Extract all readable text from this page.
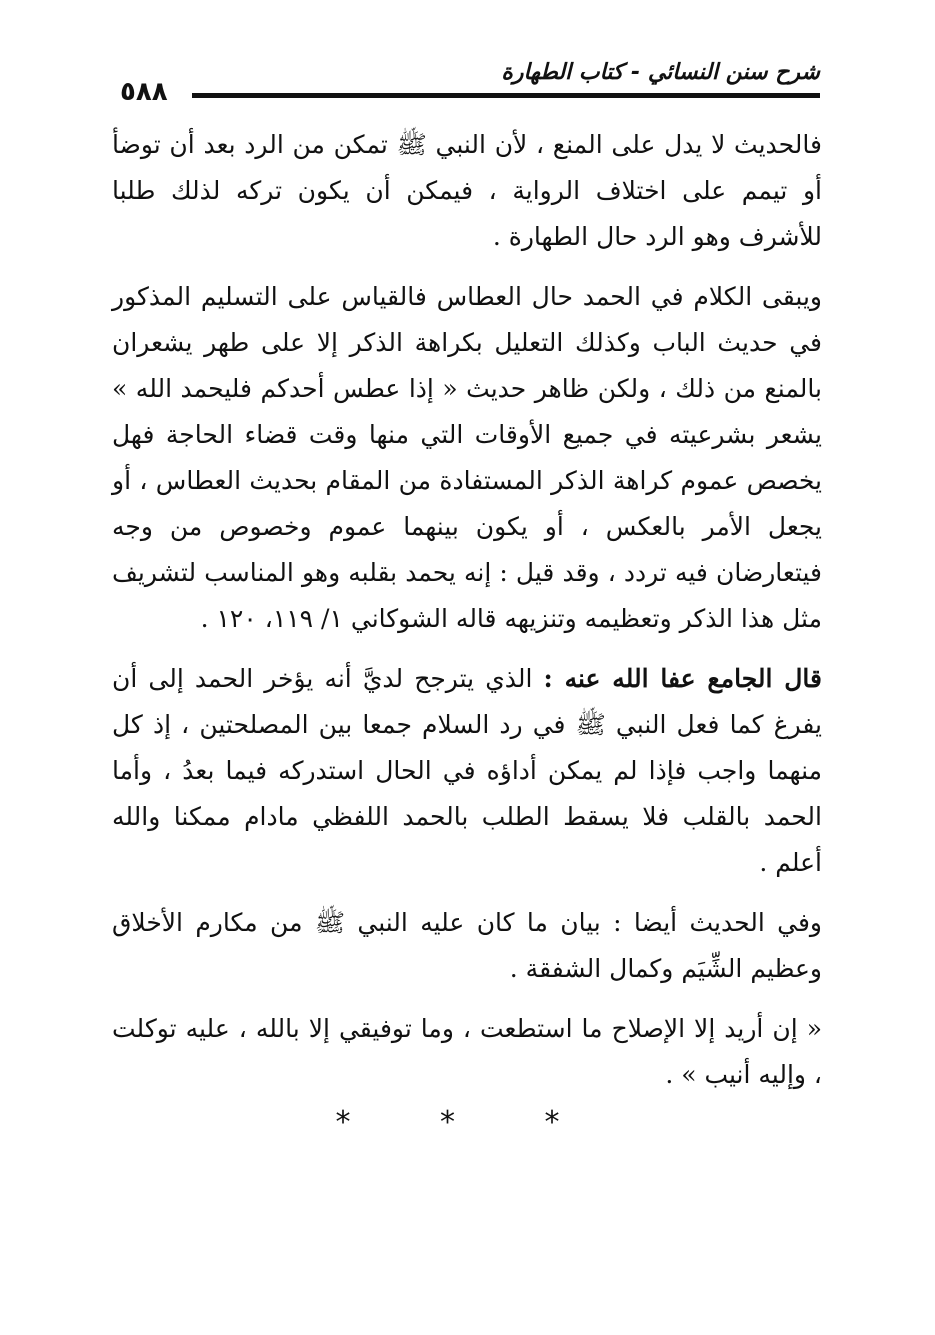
٥٨٨
شرح سنن النسائي - كتاب الطهارة

فالحديث لا يدل على المنع ، لأن النبي ﷺ تمكن من الرد بعد أن توضأ أو تيمم على اختلاف الرواية ، فيمكن أن يكون تركه لذلك طلبا للأشرف وهو الرد حال الطهارة .

ويبقى الكلام في الحمد حال العطاس فالقياس على التسليم المذكور في حديث الباب وكذلك التعليل بكراهة الذكر إلا على طهر يشعران بالمنع من ذلك ، ولكن ظاهر حديث « إذا عطس أحدكم فليحمد الله » يشعر بشرعيته في جميع الأوقات التي منها وقت قضاء الحاجة فهل يخصص عموم كراهة الذكر المستفادة من المقام بحديث العطاس ، أو يجعل الأمر بالعكس ، أو يكون بينهما عموم وخصوص من وجه فيتعارضان فيه تردد ، وقد قيل : إنه يحمد بقلبه وهو المناسب لتشريف مثل هذا الذكر وتعظيمه وتنزيهه قاله الشوكاني ١/ ١١٩، ١٢٠ .

قال الجامع عفا الله عنه : الذي يترجح لديَّ أنه يؤخر الحمد إلى أن يفرغ كما فعل النبي ﷺ في رد السلام جمعا بين المصلحتين ، إذ كل منهما واجب فإذا لم يمكن أداؤه في الحال استدركه فيما بعدُ ، وأما الحمد بالقلب فلا يسقط الطلب بالحمد اللفظي مادام ممكنا والله أعلم .

وفي الحديث أيضا : بيان ما كان عليه النبي ﷺ من مكارم الأخلاق وعظيم الشِّيَم وكمال الشفقة .

« إن أريد إلا الإصلاح ما استطعت ، وما توفيقي إلا بالله ، عليه توكلت ، وإليه أنيب » .

* * *
